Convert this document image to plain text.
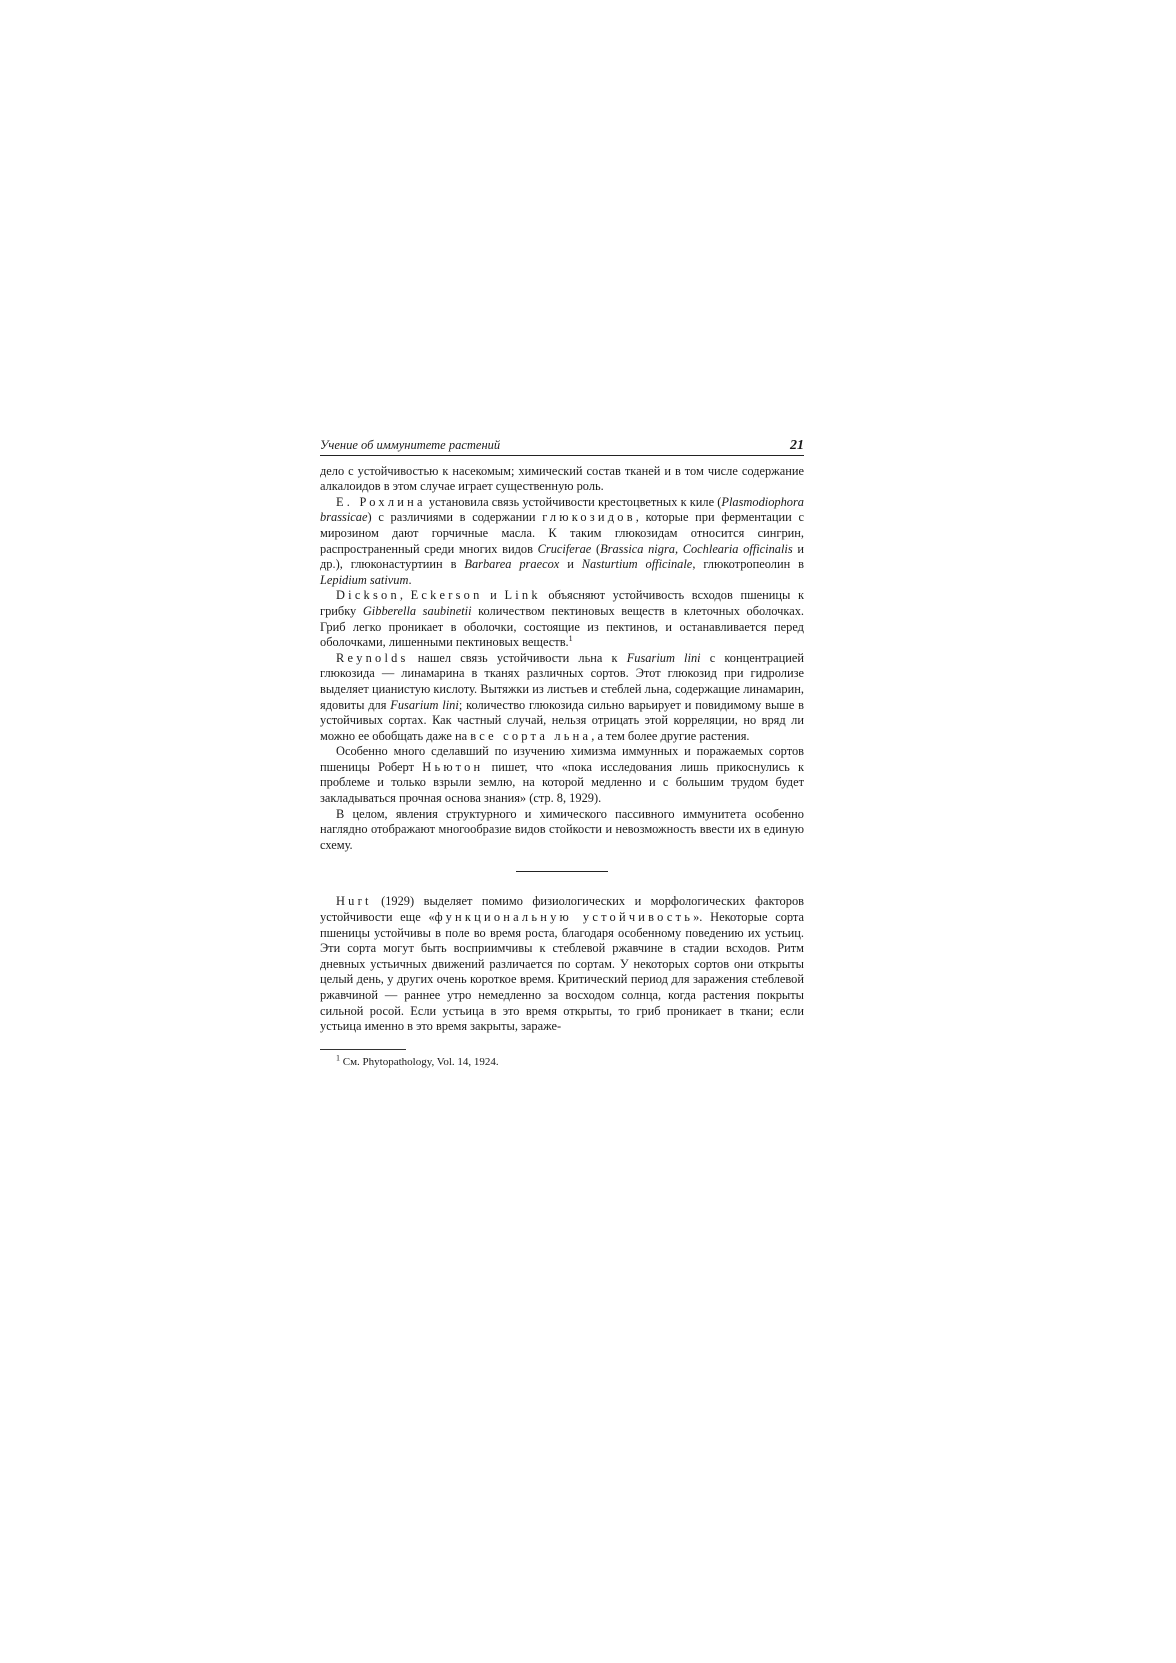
Учение об иммунитете растений	21

дело с устойчивостью к насекомым; химический состав тканей и в том числе содержание алкалоидов в этом случае играет существенную роль.

Е. Рохлина установила связь устойчивости крестоцветных к киле (Plasmodiophora brassicae) с различиями в содержании глюкозидов, которые при ферментации с мирозином дают горчичные масла. К таким глюкозидам относится сингрин, распространенный среди многих видов Cruciferae (Brassica nigra, Cochlearia officinalis и др.), глюконастуртиин в Barbarea praecox и Nasturtium officinale, глюкотропеолин в Lepidium sativum.

Dickson, Eckerson и Link объясняют устойчивость всходов пшеницы к грибку Gibberella saubinetii количеством пектиновых веществ в клеточных оболочках. Гриб легко проникает в оболочки, состоящие из пектинов, и останавливается перед оболочками, лишенными пектиновых веществ.$^1$

Reynolds нашел связь устойчивости льна к Fusarium lini с концентрацией глюкозида — линамарина в тканях различных сортов. Этот глюкозид при гидролизе выделяет цианистую кислоту. Вытяжки из листьев и стеблей льна, содержащие линамарин, ядовиты для Fusarium lini; количество глюкозида сильно варьирует и повидимому выше в устойчивых сортах. Как частный случай, нельзя отрицать этой корреляции, но вряд ли можно ее обобщать даже на все сорта льна, а тем более другие растения.

Особенно много сделавший по изучению химизма иммунных и поражаемых сортов пшеницы Роберт Ньютон пишет, что «пока исследования лишь прикоснулись к проблеме и только взрыли землю, на которой медленно и с большим трудом будет закладываться прочная основа знания» (стр. 8, 1929).

В целом, явления структурного и химического пассивного иммунитета особенно наглядно отображают многообразие видов стойкости и невозможность ввести их в единую схему.

Hurt (1929) выделяет помимо физиологических и морфологических факторов устойчивости еще «функциональную устойчивость». Некоторые сорта пшеницы устойчивы в поле во время роста, благодаря особенному поведению их устьиц. Эти сорта могут быть восприимчивы к стеблевой ржавчине в стадии всходов. Ритм дневных устьичных движений различается по сортам. У некоторых сортов они открыты целый день, у других очень короткое время. Критический период для заражения стеблевой ржавчиной — раннее утро немедленно за восходом солнца, когда растения покрыты сильной росой. Если устьица в это время открыты, то гриб проникает в ткани; если устьица именно в это время закрыты, зараже-

$^1$ См. Phytopathology, Vol. 14, 1924.
